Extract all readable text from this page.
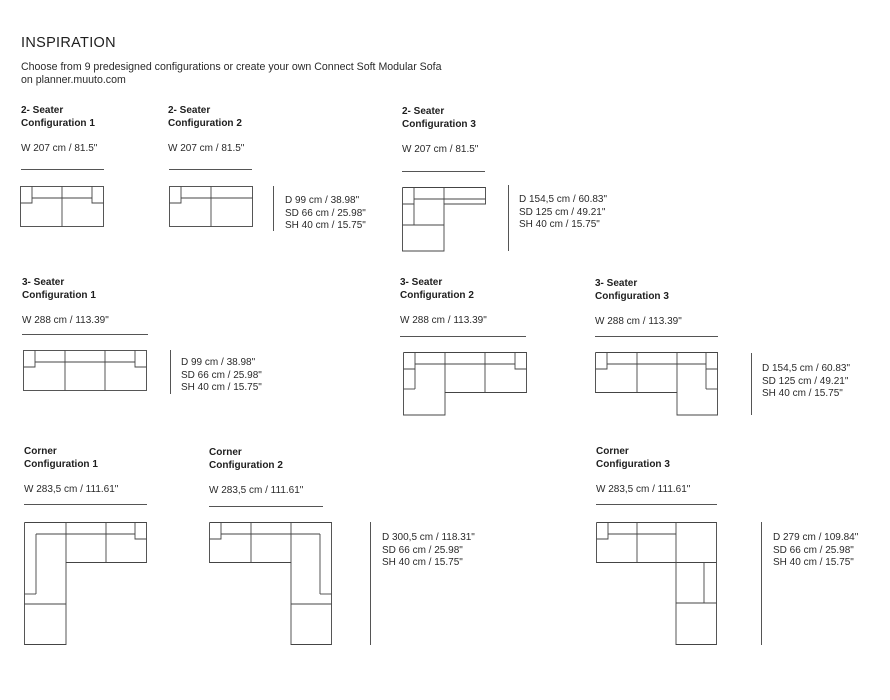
INSPIRATION
Choose from 9 predesigned configurations or create your own Connect Soft Modular Sofa
on planner.muuto.com
2- Seater
Configuration 1
W 207 cm / 81.5"
2- Seater
Configuration 2
W 207 cm / 81.5"
D 99 cm / 38.98"
SD 66 cm / 25.98"
SH 40 cm / 15.75"
2- Seater
Configuration 3
W 207 cm / 81.5"
D 154,5 cm / 60.83"
SD 125 cm / 49.21"
SH 40 cm / 15.75"
3- Seater
Configuration 1
W 288 cm / 113.39"
D 99 cm / 38.98"
SD 66 cm / 25.98"
SH 40 cm / 15.75"
3- Seater
Configuration 2
W 288 cm / 113.39"
3- Seater
Configuration 3
W 288 cm / 113.39"
D 154,5 cm / 60.83"
SD 125 cm / 49.21"
SH 40 cm / 15.75"
Corner
Configuration 1
W 283,5 cm / 111.61"
Corner
Configuration 2
W 283,5 cm / 111.61"
D 300,5 cm / 118.31"
SD 66 cm / 25.98"
SH 40 cm / 15.75"
Corner
Configuration 3
W 283,5 cm / 111.61"
D 279 cm / 109.84"
SD 66 cm / 25.98"
SH 40 cm / 15.75"
